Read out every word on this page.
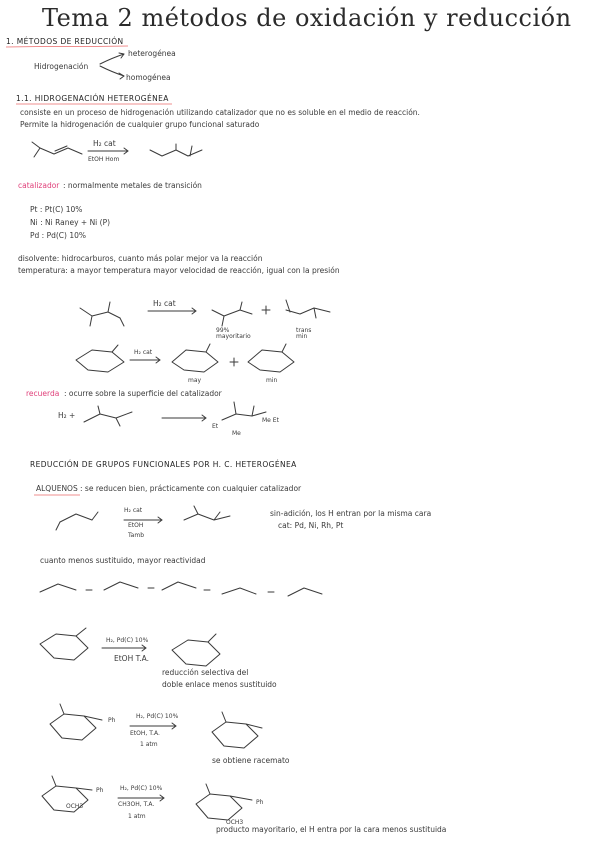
Tema 2 métodos de oxidación y reducción
1. MÉTODOS DE REDUCCIÓN
Hidrogenación
heterogénea
homogénea
1.1. HIDROGENACIÓN HETEROGÉNEA
consiste en un proceso de hidrogenación utilizando catalizador que no es soluble en el medio de reacción.
Permite la hidrogenación de cualquier grupo funcional saturado
H₂ cat
EtOH Hom
catalizador : normalmente metales de transición
Pt : Pt(C) 10%
Ni : Ni Raney + Ni (P)
Pd : Pd(C) 10%
disolvente: hidrocarburos, cuanto más polar mejor va la reacción
temperatura: a mayor temperatura mayor velocidad de reacción, igual con la presión
H₂ cat
99% mayoritario
trans min
H₂ cat
may	min
recuerda : ocurre sobre la superficie del catalizador
H₂ +
Et
Me
Me Et
REDUCCIÓN DE GRUPOS FUNCIONALES POR H. C. HETEROGÉNEA
ALQUENOS : se reducen bien, prácticamente con cualquier catalizador
H₂ cat
EtOH
Tamb
sin-adición, los H entran por la misma cara
cat: Pd, Ni, Rh, Pt
cuanto menos sustituido, mayor reactividad
H₂, Pd(C) 10%
EtOH T.A.
reducción selectiva del
doble enlace menos sustituido
Ph
H₂, Pd(C) 10%
EtOH, T.A.
1 atm
se obtiene racemato
Ph
OCH3
H₂, Pd(C) 10%
CH3OH, T.A.
1 atm
Ph
OCH3
producto mayoritario, el H entra por la cara menos sustituida
